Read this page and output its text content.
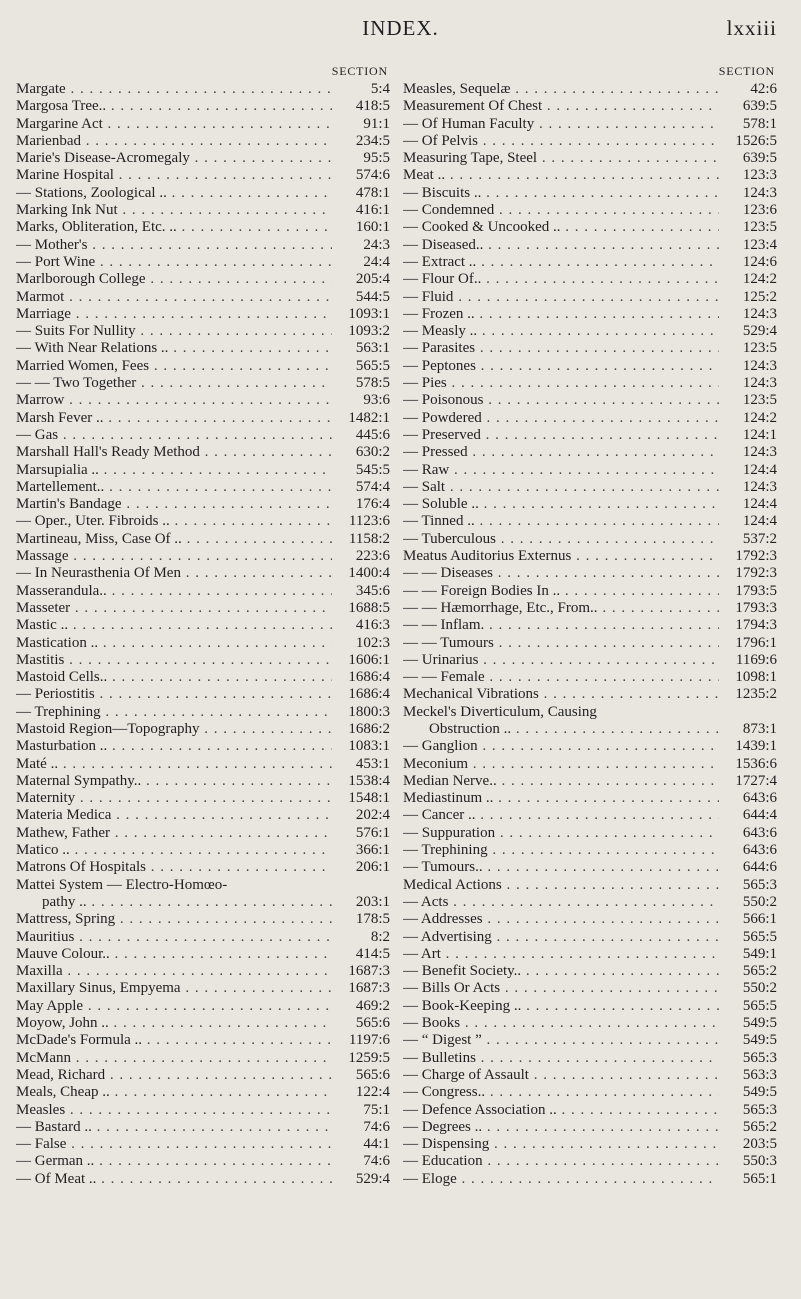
INDEX.	lxxiii
SECTION
Margate . .	5:4
Margosa Tree.. . .	418:5
Margarine Act . .	91:1
Marienbad . .	234:5
Marie's Disease-Acromegaly . .	95:5
Marine Hospital . .	574:6
— Stations, Zoological .. . .	478:1
Marking Ink Nut . .	416:1
Marks, Obliteration, Etc. .. . .	160:1
— Mother's . .	24:3
— Port Wine . .	24:4
Marlborough College . .	205:4
Marmot . .	544:5
Marriage . .	1093:1
— Suits For Nullity . .	1093:2
— With Near Relations .. . .	563:1
Married Women, Fees . .	565:5
— — Two Together . .	578:5
Marrow . .	93:6
Marsh Fever .. . .	1482:1
— Gas . .	445:6
Marshall Hall's Ready Method . .	630:2
Marsupialia .. . .	545:5
Martellement.. . .	574:4
Martin's Bandage . .	176:4
— Oper., Uter. Fibroids .. . .	1123:6
Martineau, Miss, Case Of .. . .	1158:2
Massage . .	223:6
— In Neurasthenia Of Men . .	1400:4
Masserandula.. . .	345:6
Masseter . .	1688:5
Mastic .. . .	416:3
Mastication .. . .	102:3
Mastitis . .	1606:1
Mastoid Cells.. . .	1686:4
— Periostitis . .	1686:4
— Trephining . .	1800:3
Mastoid Region—Topography . .	1686:2
Masturbation .. . .	1083:1
Maté .. . .	453:1
Maternal Sympathy.. . .	1538:4
Maternity . .	1548:1
Materia Medica . .	202:4
Mathew, Father . .	576:1
Matico .. . .	366:1
Matrons Of Hospitals . .	206:1
Mattei System — Electro-Homœo-
pathy .. . .	203:1
Mattress, Spring . .	178:5
Mauritius . .	8:2
Mauve Colour.. . .	414:5
Maxilla . .	1687:3
Maxillary Sinus, Empyema . .	1687:3
May Apple . .	469:2
Moyow, John .. . .	565:6
McDade's Formula .. . .	1197:6
McMann . .	1259:5
Mead, Richard . .	565:6
Meals, Cheap .. . .	122:4
Measles . .	75:1
— Bastard .. . .	74:6
— False . .	44:1
— German .. . .	74:6
— Of Meat .. . .	529:4
SECTION
Measles, Sequelæ . .	42:6
Measurement Of Chest . .	639:5
— Of Human Faculty . .	578:1
— Of Pelvis . .	1526:5
Measuring Tape, Steel . .	639:5
Meat .. . .	123:3
— Biscuits .. . .	124:3
— Condemned . .	123:6
— Cooked & Uncooked .. . .	123:5
— Diseased.. . .	123:4
— Extract .. . .	124:6
— Flour Of.. . .	124:2
— Fluid . .	125:2
— Frozen .. . .	124:3
— Measly .. . .	529:4
— Parasites . .	123:5
— Peptones . .	124:3
— Pies . .	124:3
— Poisonous . .	123:5
— Powdered . .	124:2
— Preserved . .	124:1
— Pressed . .	124:3
— Raw . .	124:4
— Salt . .	124:3
— Soluble .. . .	124:4
— Tinned .. . .	124:4
— Tuberculous . .	537:2
Meatus Auditorius Externus . .	1792:3
— — Diseases . .	1792:3
— — Foreign Bodies In .. . .	1793:5
— — Hæmorrhage, Etc., From.. . .	1793:3
— — Inflam. . .	1794:3
— — Tumours . .	1796:1
— Urinarius . .	1169:6
— — Female . .	1098:1
Mechanical Vibrations . .	1235:2
Meckel's Diverticulum, Causing
Obstruction .. . .	873:1
— Ganglion . .	1439:1
Meconium . .	1536:6
Median Nerve.. . .	1727:4
Mediastinum .. . .	643:6
— Cancer .. . .	644:4
— Suppuration . .	643:6
— Trephining . .	643:6
— Tumours.. . .	644:6
Medical Actions . .	565:3
— Acts . .	550:2
— Addresses . .	566:1
— Advertising . .	565:5
— Art . .	549:1
— Benefit Society.. . .	565:2
— Bills Or Acts . .	550:2
— Book-Keeping .. . .	565:5
— Books . .	549:5
— “ Digest ” . .	549:5
— Bulletins . .	565:3
— Charge of Assault . .	563:3
— Congress.. . .	549:5
— Defence Association .. . .	565:3
— Degrees .. . .	565:2
— Dispensing . .	203:5
— Education . .	550:3
— Eloge . .	565:1
